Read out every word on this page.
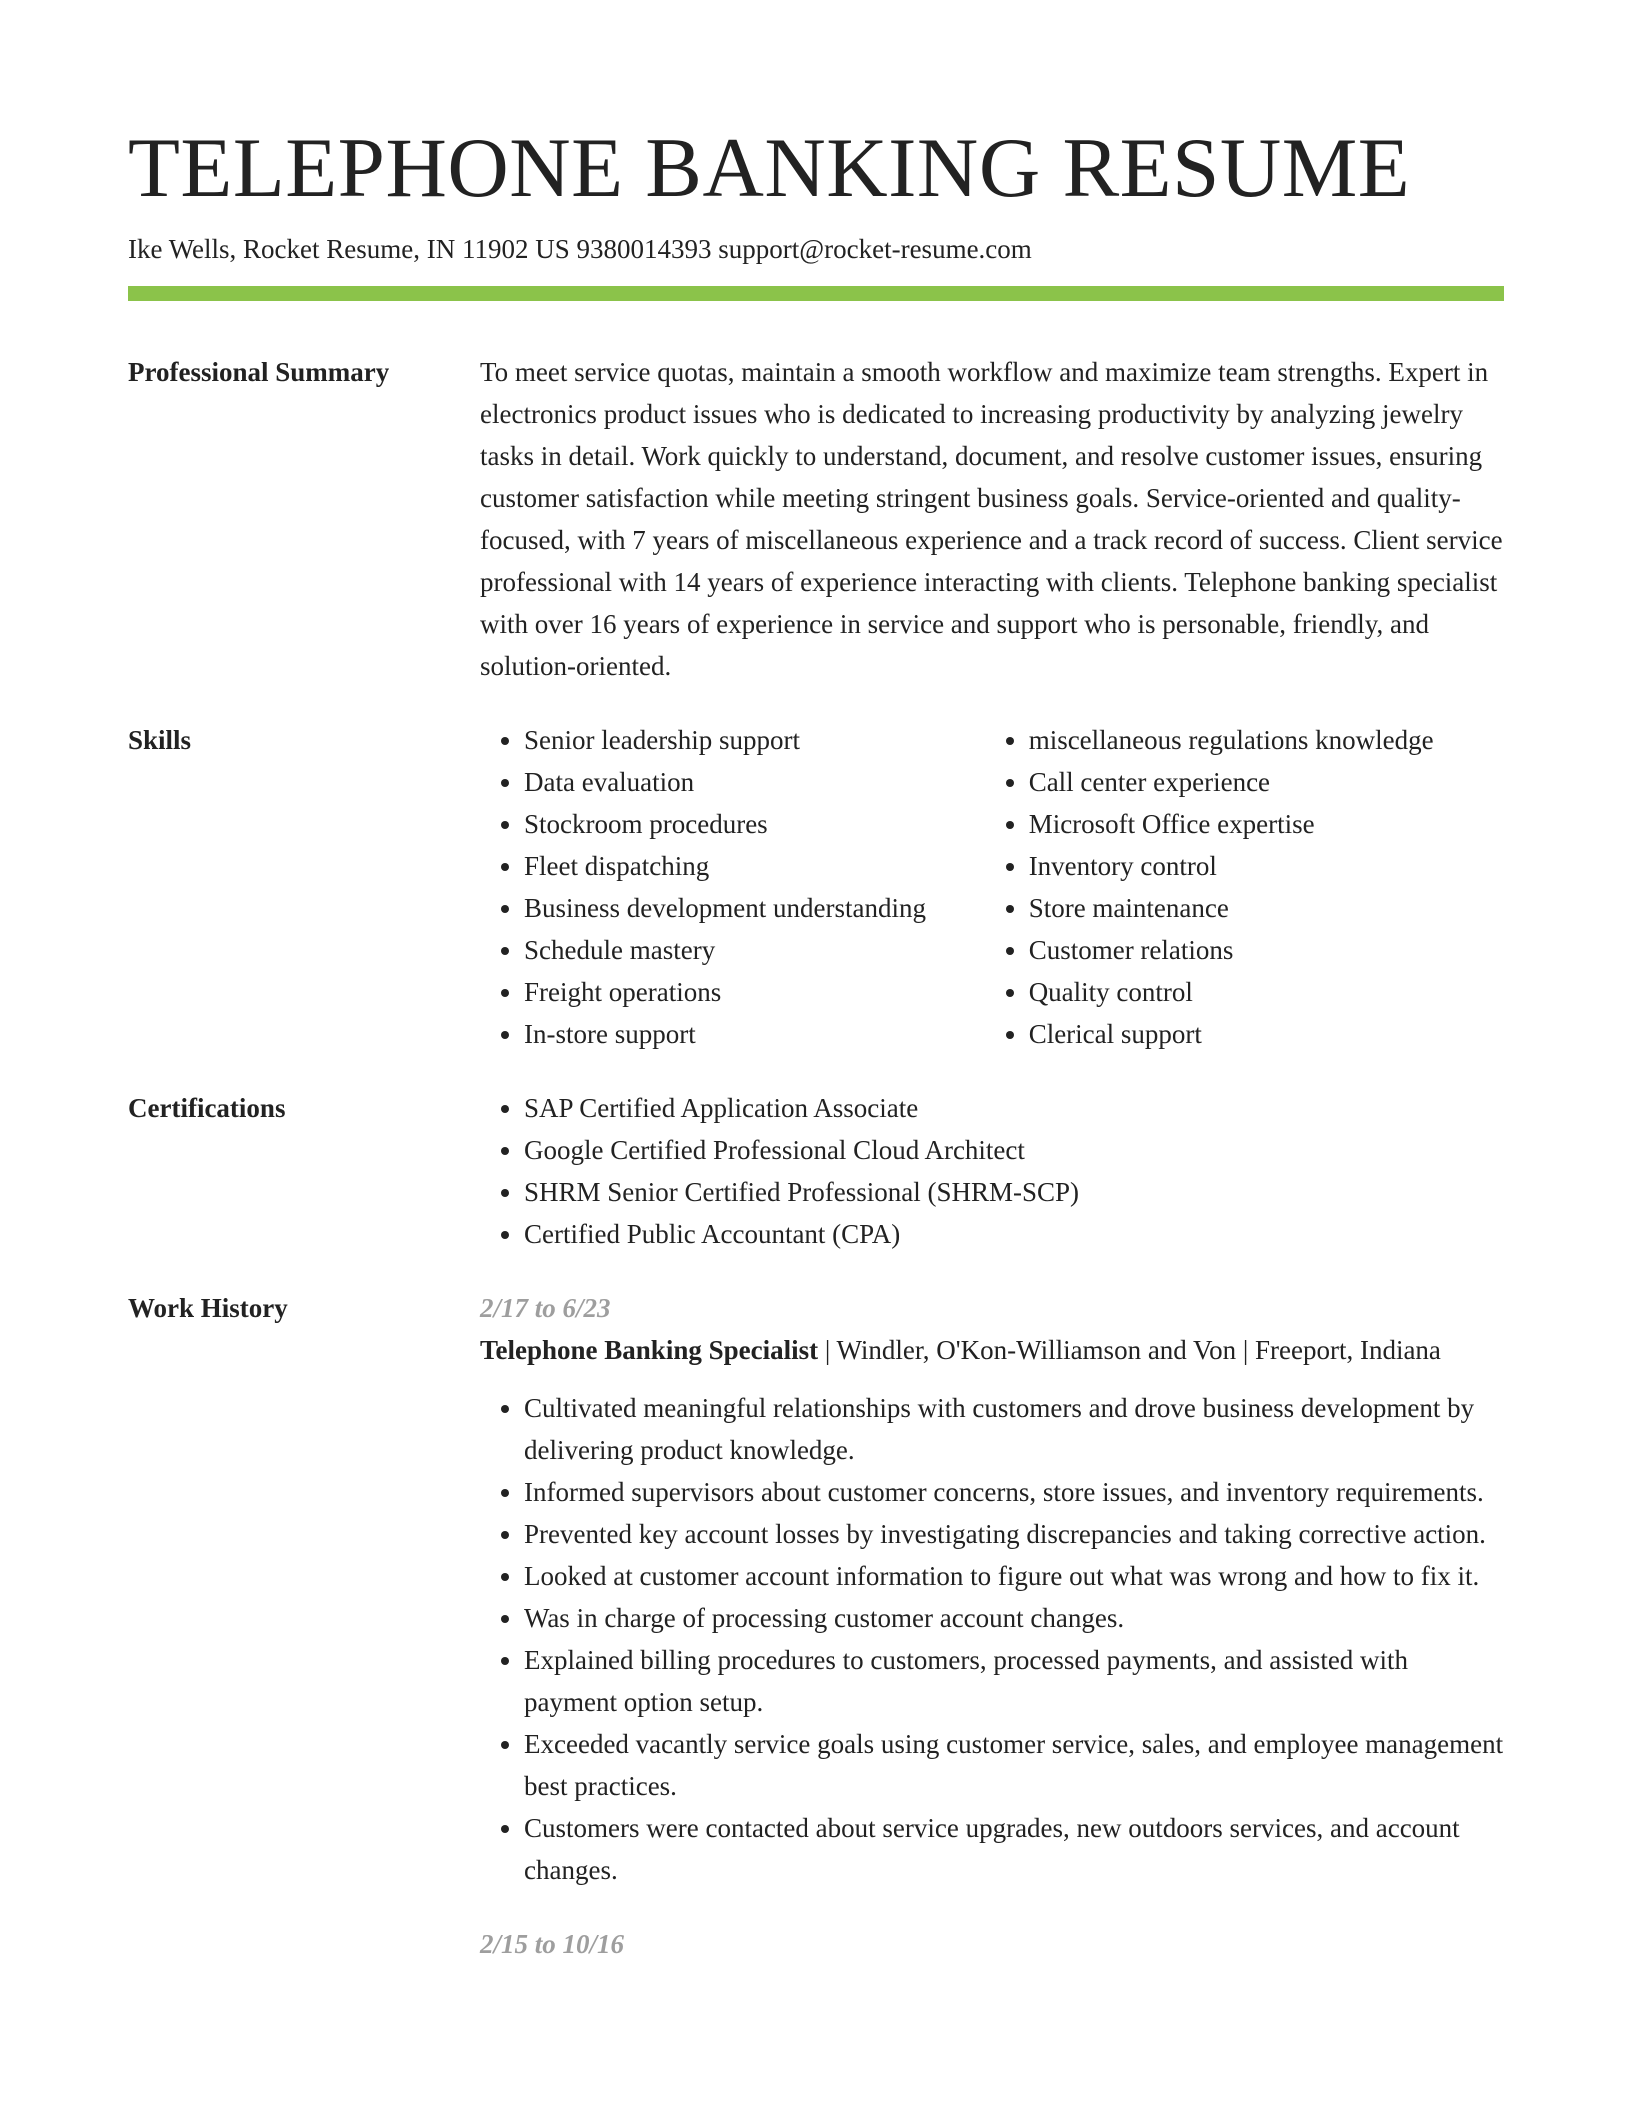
TELEPHONE BANKING RESUME
Ike Wells, Rocket Resume, IN 11902 US 9380014393 support@rocket-resume.com
Professional Summary	To meet service quotas, maintain a smooth workflow and maximize team strengths. Expert in electronics product issues who is dedicated to increasing productivity by analyzing jewelry tasks in detail. Work quickly to understand, document, and resolve customer issues, ensuring customer satisfaction while meeting stringent business goals. Service-oriented and quality-focused, with 7 years of miscellaneous experience and a track record of success. Client service professional with 14 years of experience interacting with clients. Telephone banking specialist with over 16 years of experience in service and support who is personable, friendly, and solution-oriented.

Skills	• Senior leadership support
• Data evaluation
• Stockroom procedures
• Fleet dispatching
• Business development understanding
• Schedule mastery
• Freight operations
• In-store support
• miscellaneous regulations knowledge
• Call center experience
• Microsoft Office expertise
• Inventory control
• Store maintenance
• Customer relations
• Quality control
• Clerical support
Certifications	• SAP Certified Application Associate
• Google Certified Professional Cloud Architect
• SHRM Senior Certified Professional (SHRM-SCP)
• Certified Public Accountant (CPA)
Work History	2/17 to 6/23
Telephone Banking Specialist | Windler, O'Kon-Williamson and Von | Freeport, Indiana
• Cultivated meaningful relationships with customers and drove business development by delivering product knowledge.
• Informed supervisors about customer concerns, store issues, and inventory requirements.
• Prevented key account losses by investigating discrepancies and taking corrective action.
• Looked at customer account information to figure out what was wrong and how to fix it.
• Was in charge of processing customer account changes.
• Explained billing procedures to customers, processed payments, and assisted with payment option setup.
• Exceeded vacantly service goals using customer service, sales, and employee management best practices.
• Customers were contacted about service upgrades, new outdoors services, and account changes.
2/15 to 10/16
